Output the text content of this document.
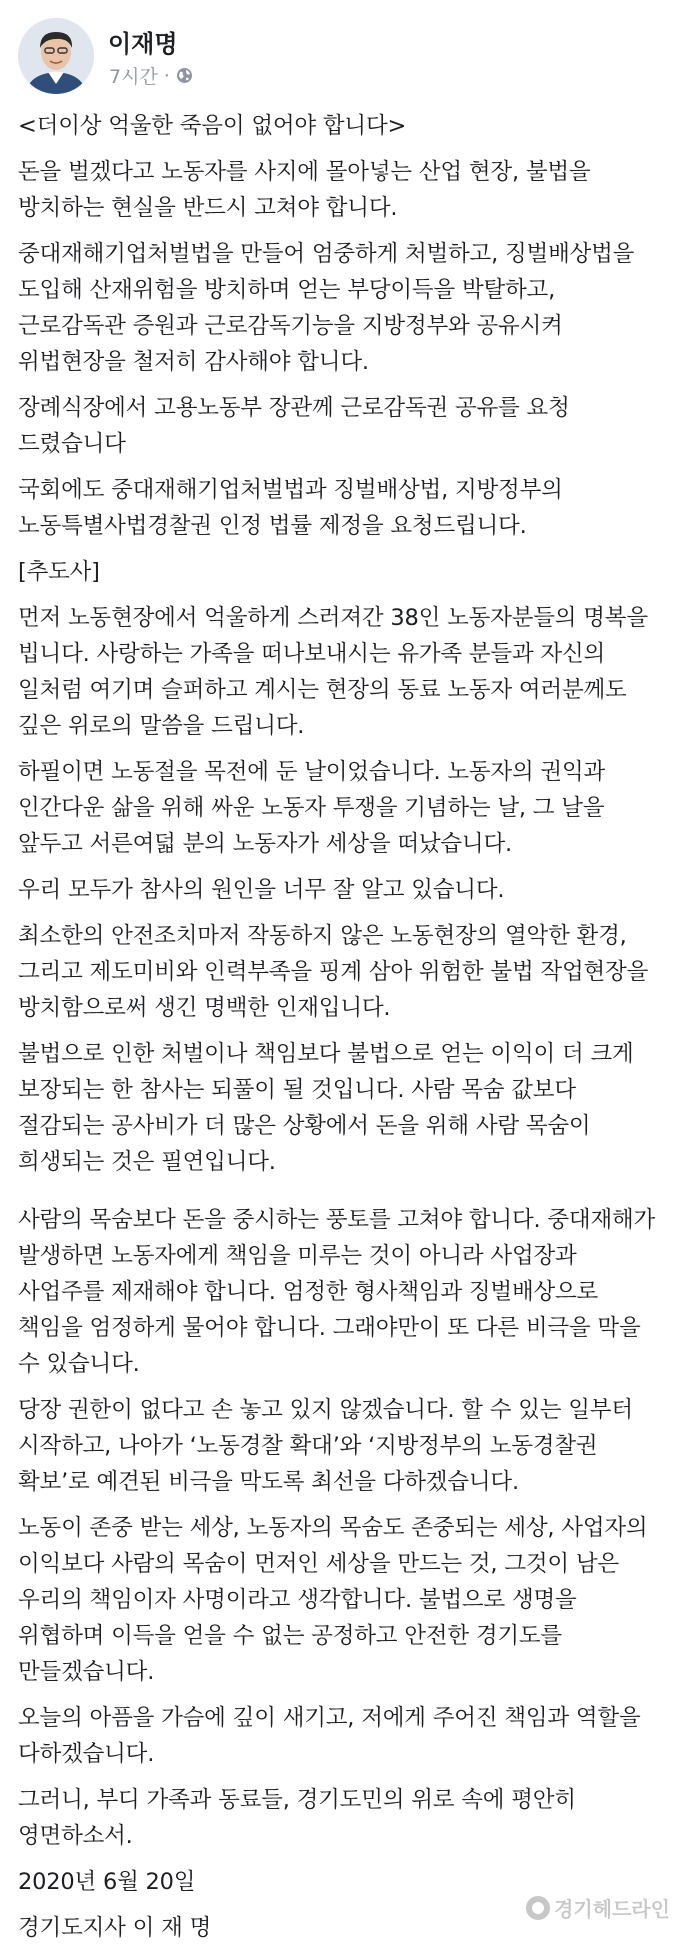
이재명
7시간 ·

<더이상 억울한 죽음이 없어야 합니다>

돈을 벌겠다고 노동자를 사지에 몰아넣는 산업 현장, 불법을 방치하는 현실을 반드시 고쳐야 합니다.

중대재해기업처벌법을 만들어 엄중하게 처벌하고, 징벌배상법을 도입해 산재위험을 방치하며 얻는 부당이득을 박탈하고, 근로감독관 증원과 근로감독기능을 지방정부와 공유시켜 위법현장을 철저히 감사해야 합니다.

장례식장에서 고용노동부 장관께 근로감독권 공유를 요청 드렸습니다

국회에도 중대재해기업처벌법과 징벌배상법, 지방정부의 노동특별사법경찰권 인정 법률 제정을 요청드립니다.

[추도사]

먼저 노동현장에서 억울하게 스러져간 38인 노동자분들의 명복을 빕니다. 사랑하는 가족을 떠나보내시는 유가족 분들과 자신의 일처럼 여기며 슬퍼하고 계시는 현장의 동료 노동자 여러분께도 깊은 위로의 말씀을 드립니다.

하필이면 노동절을 목전에 둔 날이었습니다. 노동자의 권익과 인간다운 삶을 위해 싸운 노동자 투쟁을 기념하는 날, 그 날을 앞두고 서른여덟 분의 노동자가 세상을 떠났습니다.

우리 모두가 참사의 원인을 너무 잘 알고 있습니다.

최소한의 안전조치마저 작동하지 않은 노동현장의 열악한 환경, 그리고 제도미비와 인력부족을 핑계 삼아 위험한 불법 작업현장을 방치함으로써 생긴 명백한 인재입니다.

불법으로 인한 처벌이나 책임보다 불법으로 얻는 이익이 더 크게 보장되는 한 참사는 되풀이 될 것입니다. 사람 목숨 값보다 절감되는 공사비가 더 많은 상황에서 돈을 위해 사람 목숨이 희생되는 것은 필연입니다.

사람의 목숨보다 돈을 중시하는 풍토를 고쳐야 합니다. 중대재해가 발생하면 노동자에게 책임을 미루는 것이 아니라 사업장과 사업주를 제재해야 합니다. 엄정한 형사책임과 징벌배상으로 책임을 엄정하게 물어야 합니다. 그래야만이 또 다른 비극을 막을 수 있습니다.

당장 권한이 없다고 손 놓고 있지 않겠습니다. 할 수 있는 일부터 시작하고, 나아가 ‘노동경찰 확대’와 ‘지방정부의 노동경찰권 확보’로 예견된 비극을 막도록 최선을 다하겠습니다.

노동이 존중 받는 세상, 노동자의 목숨도 존중되는 세상, 사업자의 이익보다 사람의 목숨이 먼저인 세상을 만드는 것, 그것이 남은 우리의 책임이자 사명이라고 생각합니다. 불법으로 생명을 위협하며 이득을 얻을 수 없는 공정하고 안전한 경기도를 만들겠습니다.

오늘의 아픔을 가슴에 깊이 새기고, 저에게 주어진 책임과 역할을 다하겠습니다.

그러니, 부디 가족과 동료들, 경기도민의 위로 속에 평안히 영면하소서.

2020년 6월 20일

경기도지사 이 재 명

경기헤드라인
